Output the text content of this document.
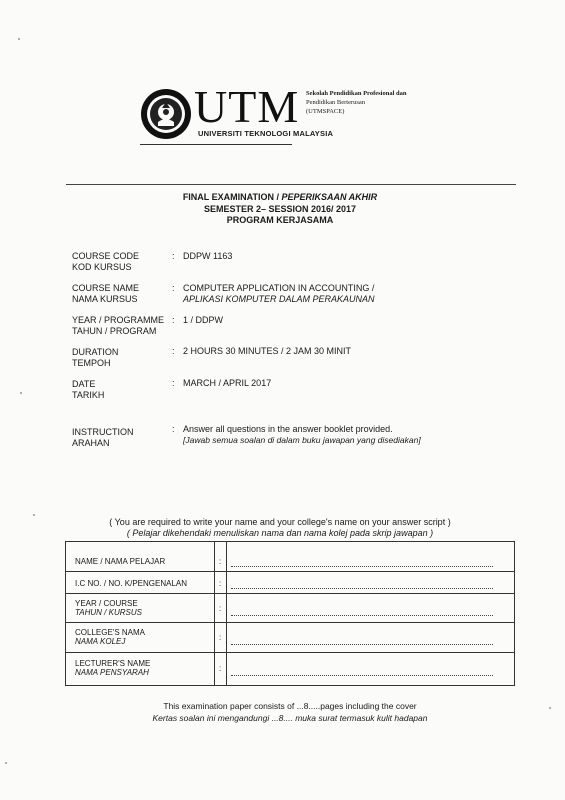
UTM
UNIVERSITI TEKNOLOGI MALAYSIA
Sekolah Pendidikan Profesional dan
Pendidikan Berterusan
(UTMSPACE)
FINAL EXAMINATION / PEPERIKSAAN AKHIR
SEMESTER 2– SESSION 2016/ 2017
PROGRAM KERJASAMA
COURSE CODE
KOD KURSUS
: DDPW 1163
COURSE NAME
NAMA KURSUS
: COMPUTER APPLICATION IN ACCOUNTING /
APLIKASI KOMPUTER DALAM PERAKAUNAN
YEAR / PROGRAMME
TAHUN / PROGRAM
: 1 / DDPW
DURATION
TEMPOH
: 2 HOURS 30 MINUTES / 2 JAM 30 MINIT
DATE
TARIKH
: MARCH / APRIL 2017
INSTRUCTION
ARAHAN
: Answer all questions in the answer booklet provided.
[Jawab semua soalan di dalam buku jawapan yang disediakan]
( You are required to write your name and your college's name on your answer script )
( Pelajar dikehendaki menuliskan nama dan nama kolej pada skrip jawapan )
NAME / NAMA PELAJAR	:
I.C NO. / NO. K/PENGENALAN	:
YEAR / COURSE
TAHUN / KURSUS	:
COLLEGE'S NAMA
NAMA KOLEJ	:
LECTURER'S NAME
NAMA PENSYARAH	:
This examination paper consists of ...8.....pages including the cover
Kertas soalan ini mengandungi ...8.... muka surat termasuk kulit hadapan
